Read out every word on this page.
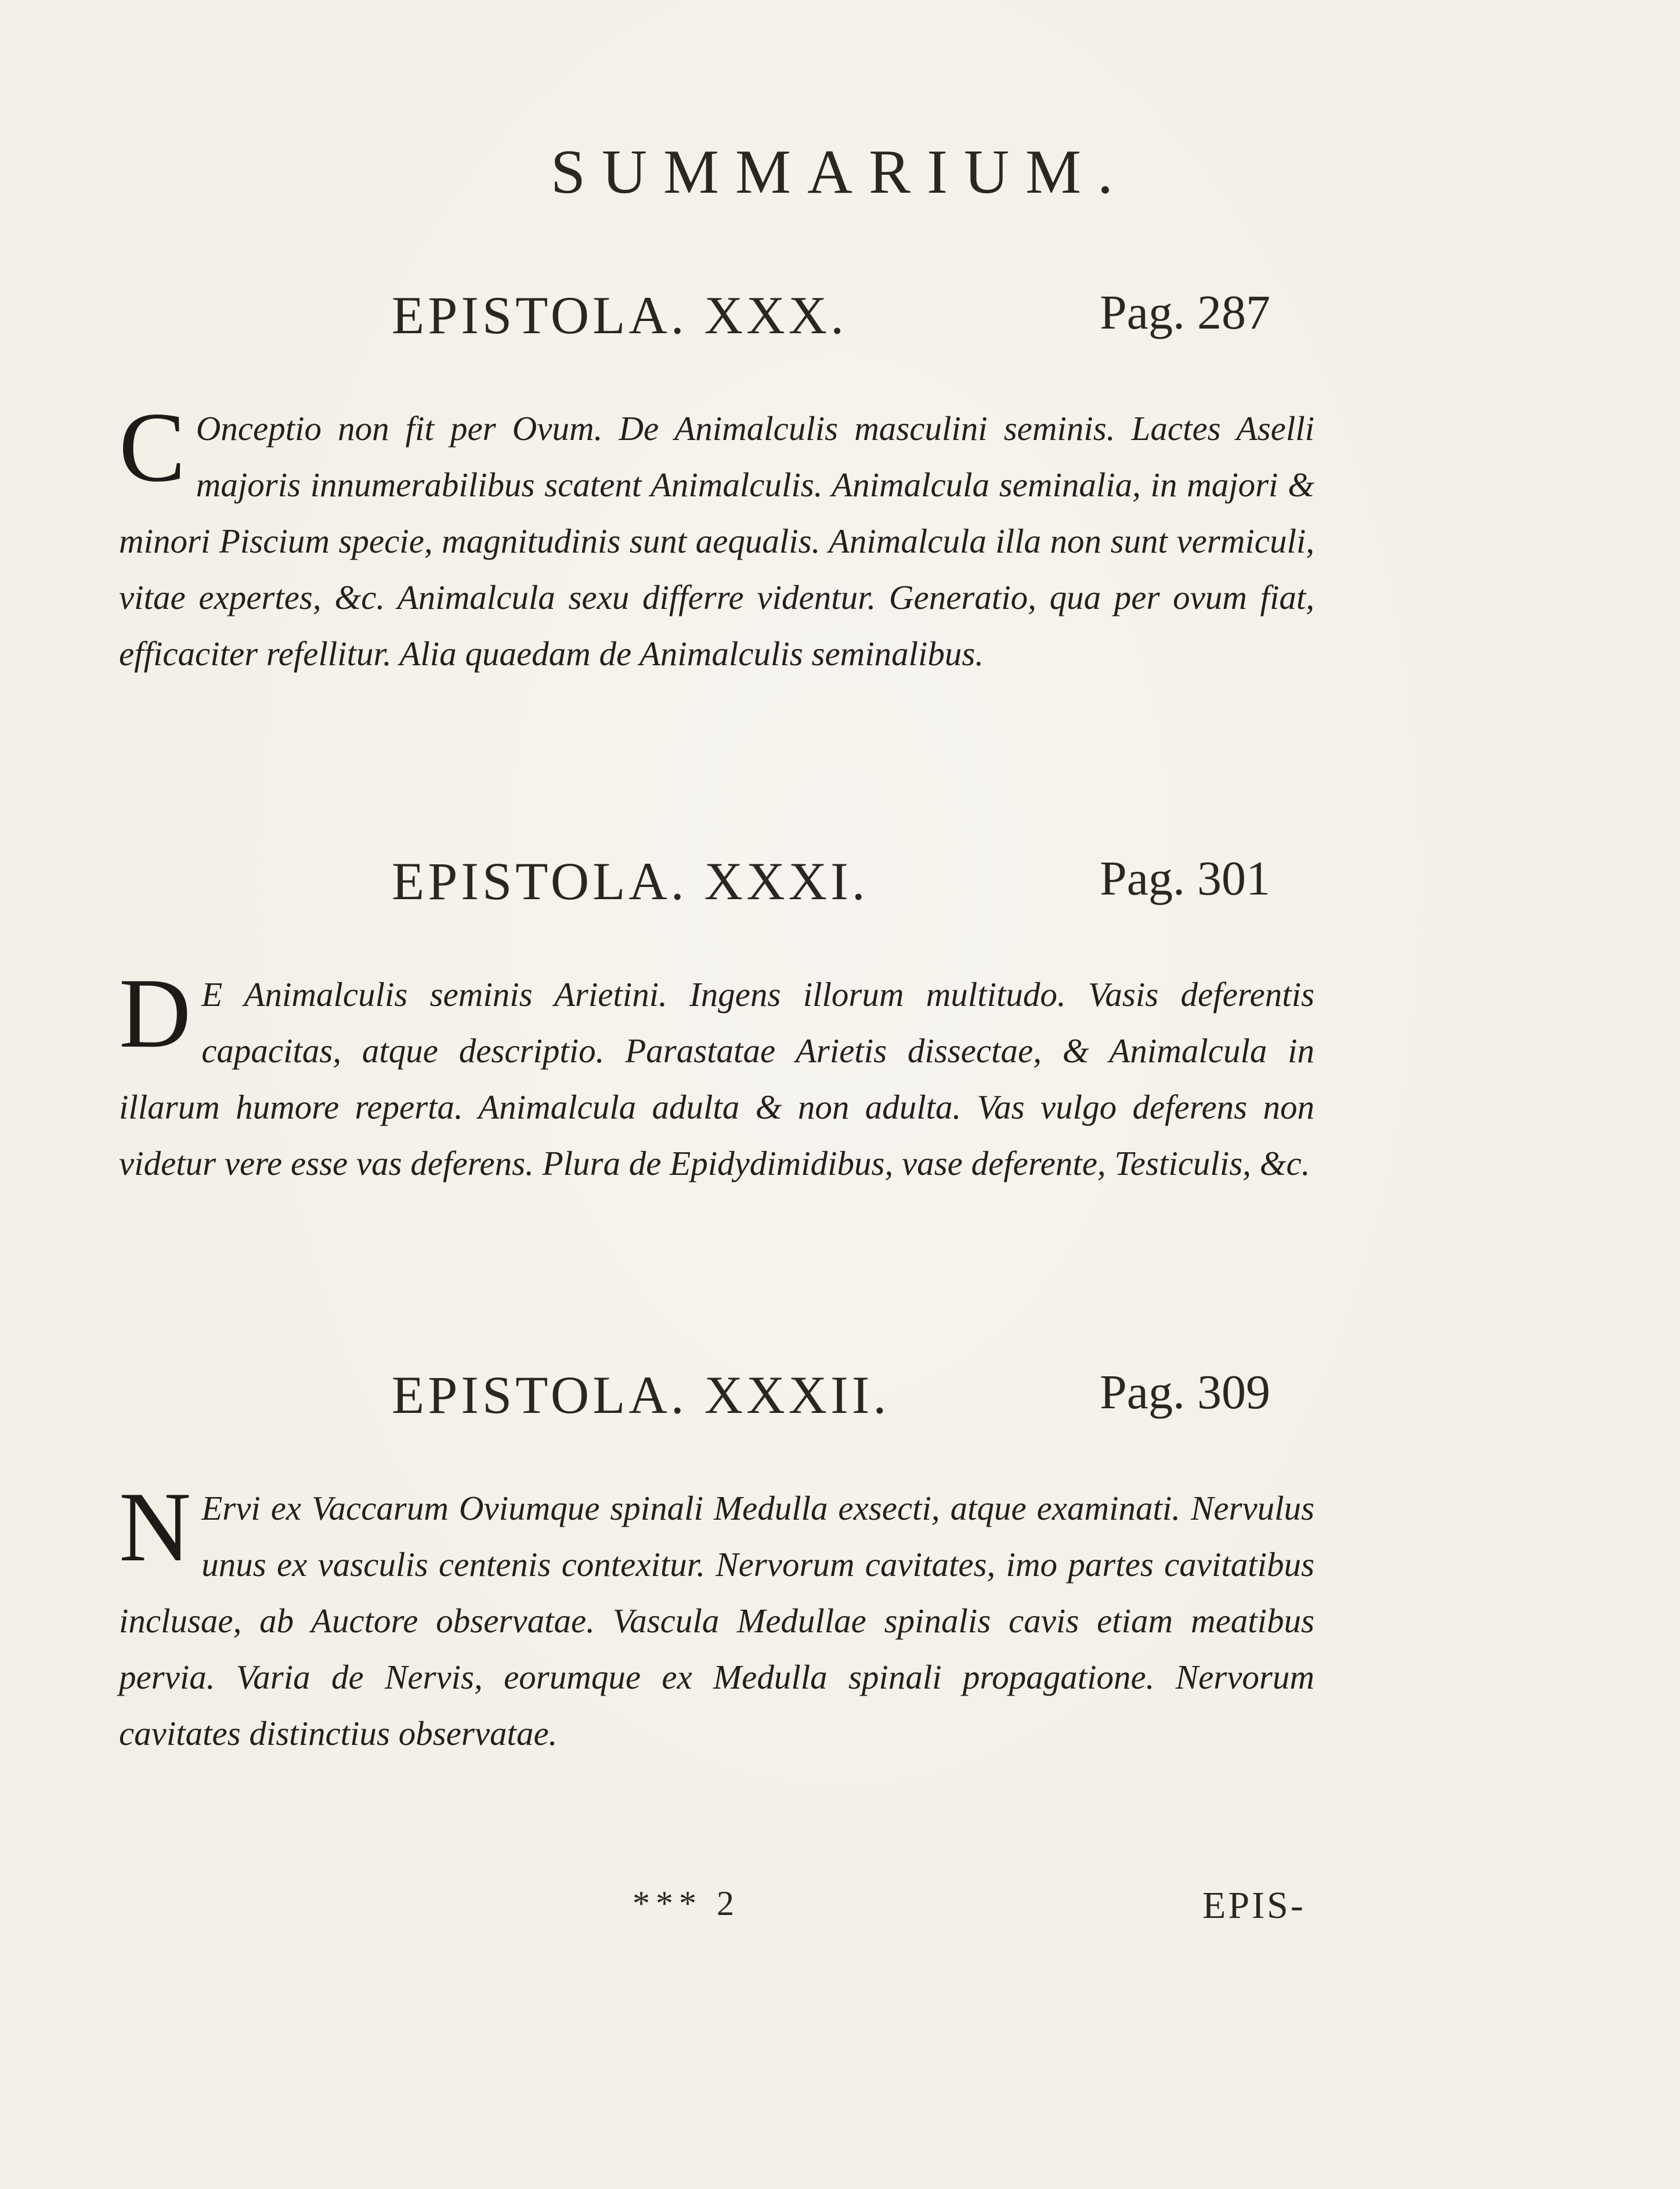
SUMMARIUM.
EPISTOLA. XXX.	Pag. 287
C Onceptio non fit per Ovum. De Animalculis masculini seminis. Lactes Aselli majoris innumerabilibus scatent Animalculis. Animalcula seminalia, in majori & minori Piscium specie, magnitudinis sunt aequalis. Animalcula illa non sunt vermiculi, vitae expertes, &c. Animalcula sexu differre videntur. Generatio, qua per ovum fiat, efficaciter refellitur. Alia quaedam de Animalculis seminalibus.
EPISTOLA. XXXI.	Pag. 301
D E Animalculis seminis Arietini. Ingens illorum multitudo. Vasis deferentis capacitas, atque descriptio. Parastatae Arietis dissectae, & Animalcula in illarum humore reperta. Animalcula adulta & non adulta. Vas vulgo deferens non videtur vere esse vas deferens. Plura de Epidydimidibus, vase deferente, Testiculis, &c.
EPISTOLA. XXXII.	Pag. 309
N Ervi ex Vaccarum Oviumque spinali Medulla exsecti, atque examinati. Nervulus unus ex vasculis centenis contexitur. Nervorum cavitates, imo partes cavitatibus inclusae, ab Auctore observatae. Vascula Medullae spinalis cavis etiam meatibus pervia. Varia de Nervis, eorumque ex Medulla spinali propagatione. Nervorum cavitates distinctius observatae.
*** 2	EPIS-
